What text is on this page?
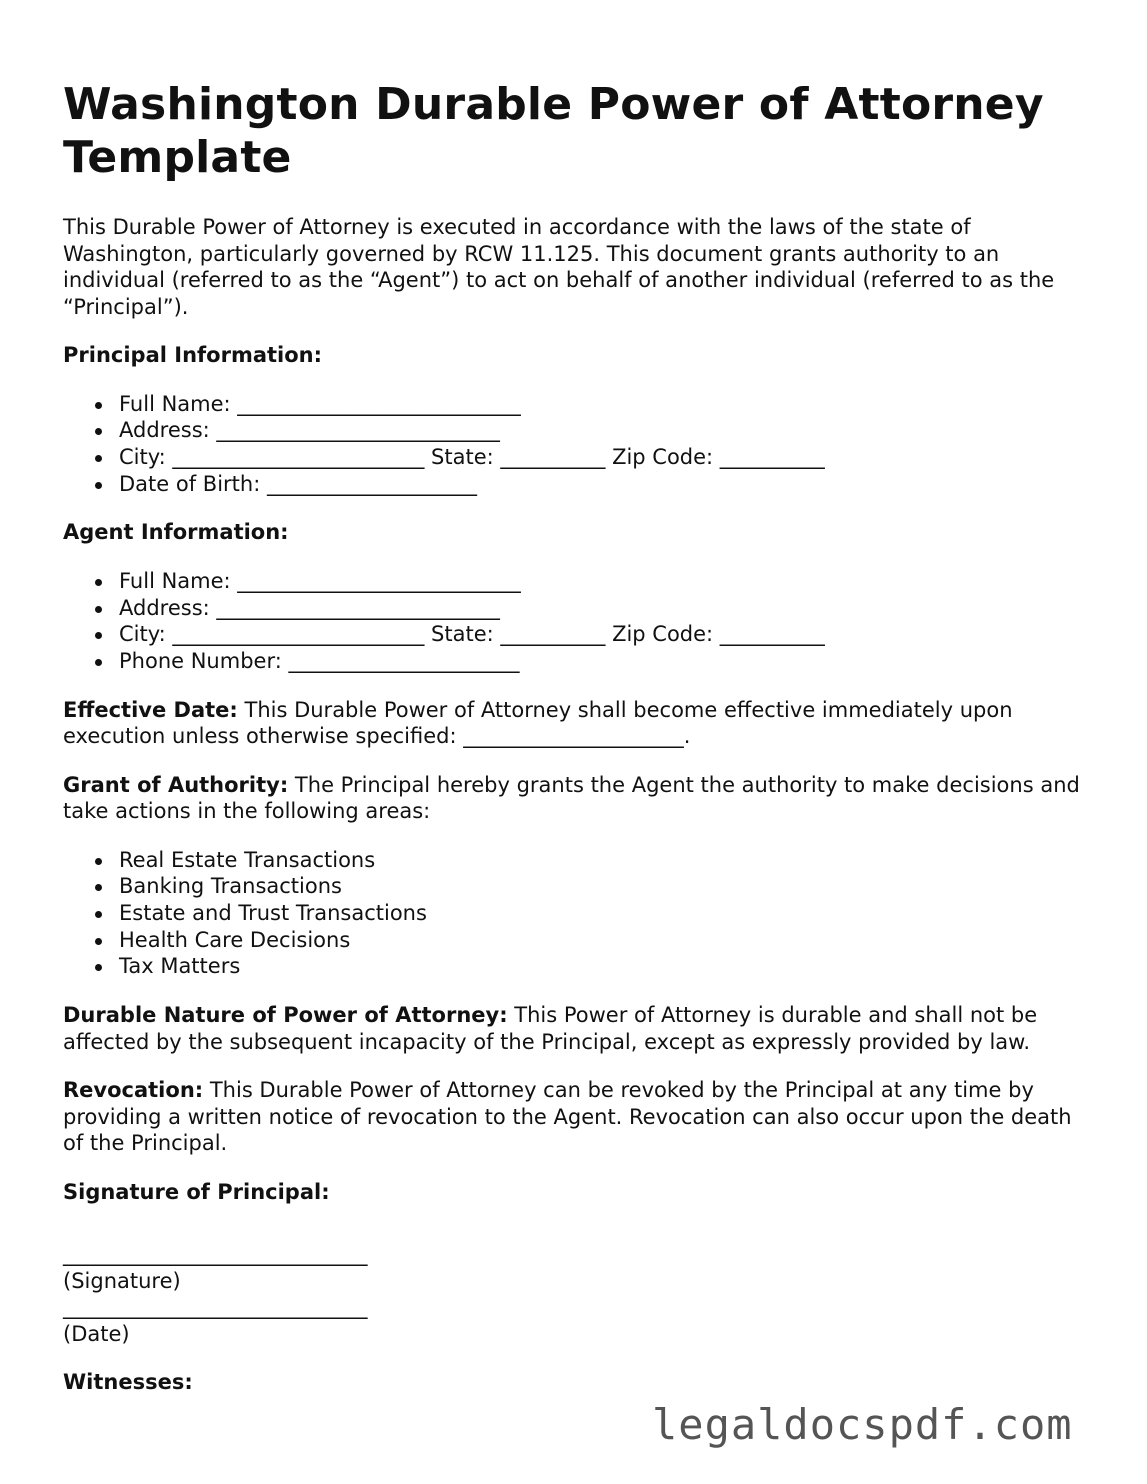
Washington Durable Power of Attorney Template

This Durable Power of Attorney is executed in accordance with the laws of the state of Washington, particularly governed by RCW 11.125. This document grants authority to an individual (referred to as the “Agent”) to act on behalf of another individual (referred to as the “Principal”).

Principal Information:
Full Name: ___________________________
Address: ___________________________
City: ________________________ State: __________ Zip Code: __________
Date of Birth: ____________________
Agent Information:
Full Name: ___________________________
Address: ___________________________
City: ________________________ State: __________ Zip Code: __________
Phone Number: ______________________

Effective Date: This Durable Power of Attorney shall become effective immediately upon execution unless otherwise specified: _____________________.

Grant of Authority: The Principal hereby grants the Agent the authority to make decisions and take actions in the following areas:

Real Estate Transactions
Banking Transactions
Estate and Trust Transactions
Health Care Decisions
Tax Matters

Durable Nature of Power of Attorney: This Power of Attorney is durable and shall not be affected by the subsequent incapacity of the Principal, except as expressly provided by law.

Revocation: This Durable Power of Attorney can be revoked by the Principal at any time by providing a written notice of revocation to the Agent. Revocation can also occur upon the death of the Principal.

Signature of Principal:

_____________________________

(Signature)

_____________________________

(Date)

Witnesses:
legaldocspdf.com
